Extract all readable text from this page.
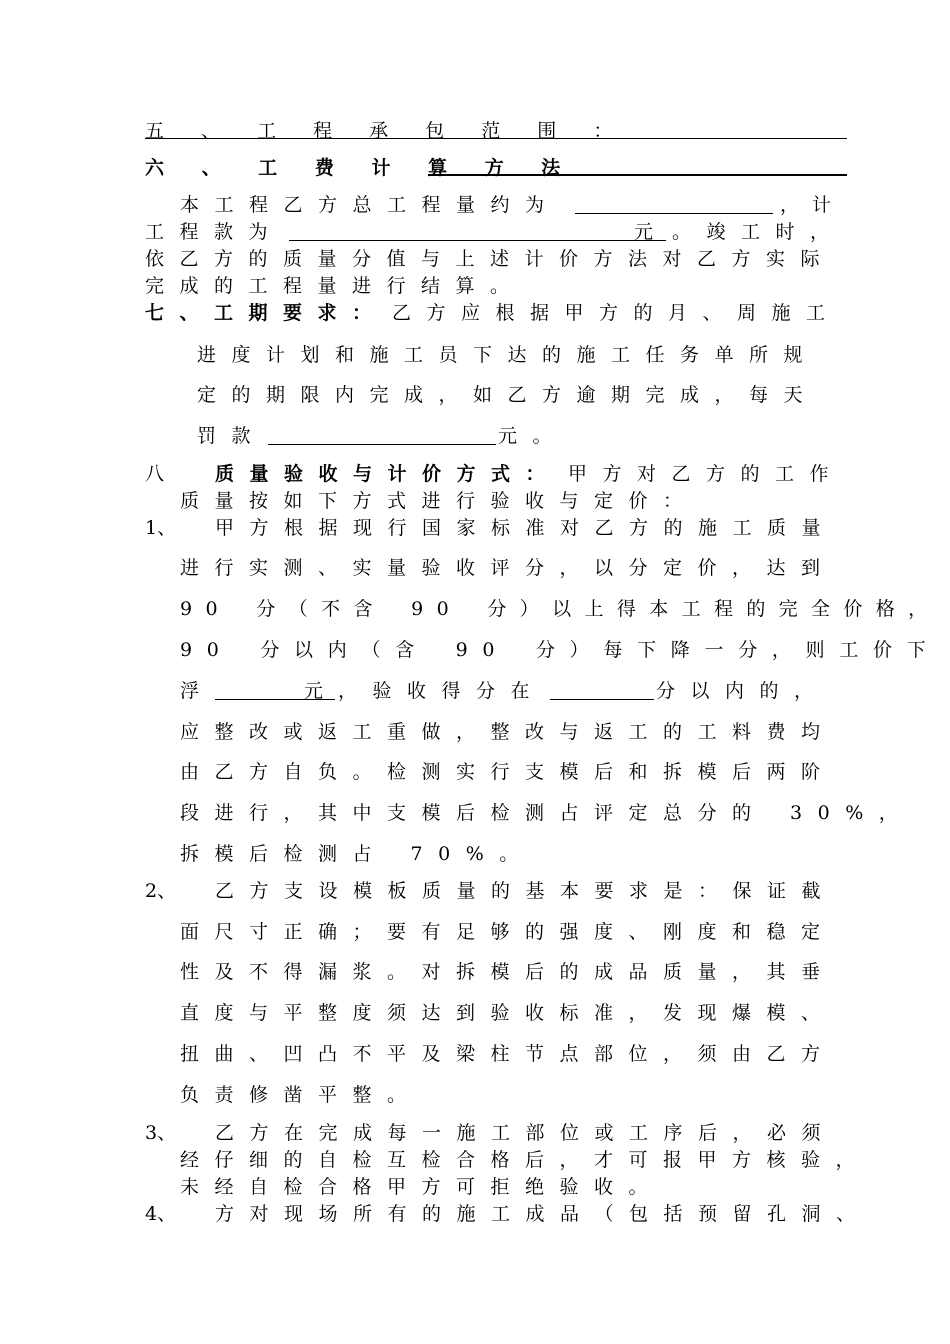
五 、 工 程 承 包 范 围 ：
六 、 工 费 计 算 方 法
本工程乙方总工程量约为	， 计
工程款为	元 。竣工时，
依乙方的质量分值与上述计价方法对乙方实际
完成的工程量进行结算。
七、工期要求： 乙方应根据甲方的月、周施工
进度计划和施工员下达的施工任务单所规
定的期限内完成，如乙方逾期完成，每天
罚款	元。
八	质量验收与计价方式： 甲方对乙方的工作
质量按如下方式进行验收与定价：
1、 甲方根据现行国家标准对乙方的施工质量
进行实测、实量验收评分，以分定价，达到
90 分（不含 90 分）以上得本工程的完全价格，
90 分以内（含 90 分）每下降一分，则工价下
浮	元 ，验收得分在	分以内的，
应整改或返工重做，整改与返工的工料费均
由乙方自负。检测实行支模后和拆模后两阶
段进行，其中支模后检测占评定总分的 30%，
拆模后检测占 70%。
2、 乙方支设模板质量的基本要求是：保证截
面尺寸正确；要有足够的强度、刚度和稳定
性及不得漏浆。对拆模后的成品质量，其垂
直度与平整度须达到验收标准，发现爆模、
扭曲、凹凸不平及梁柱节点部位，须由乙方
负责修凿平整。
3、 乙方在完成每一施工部位或工序后，必须
经仔细的自检互检合格后，才可报甲方核验，
未经自检合格甲方可拒绝验收。
4、 方对现场所有的施工成品（包括预留孔洞、
